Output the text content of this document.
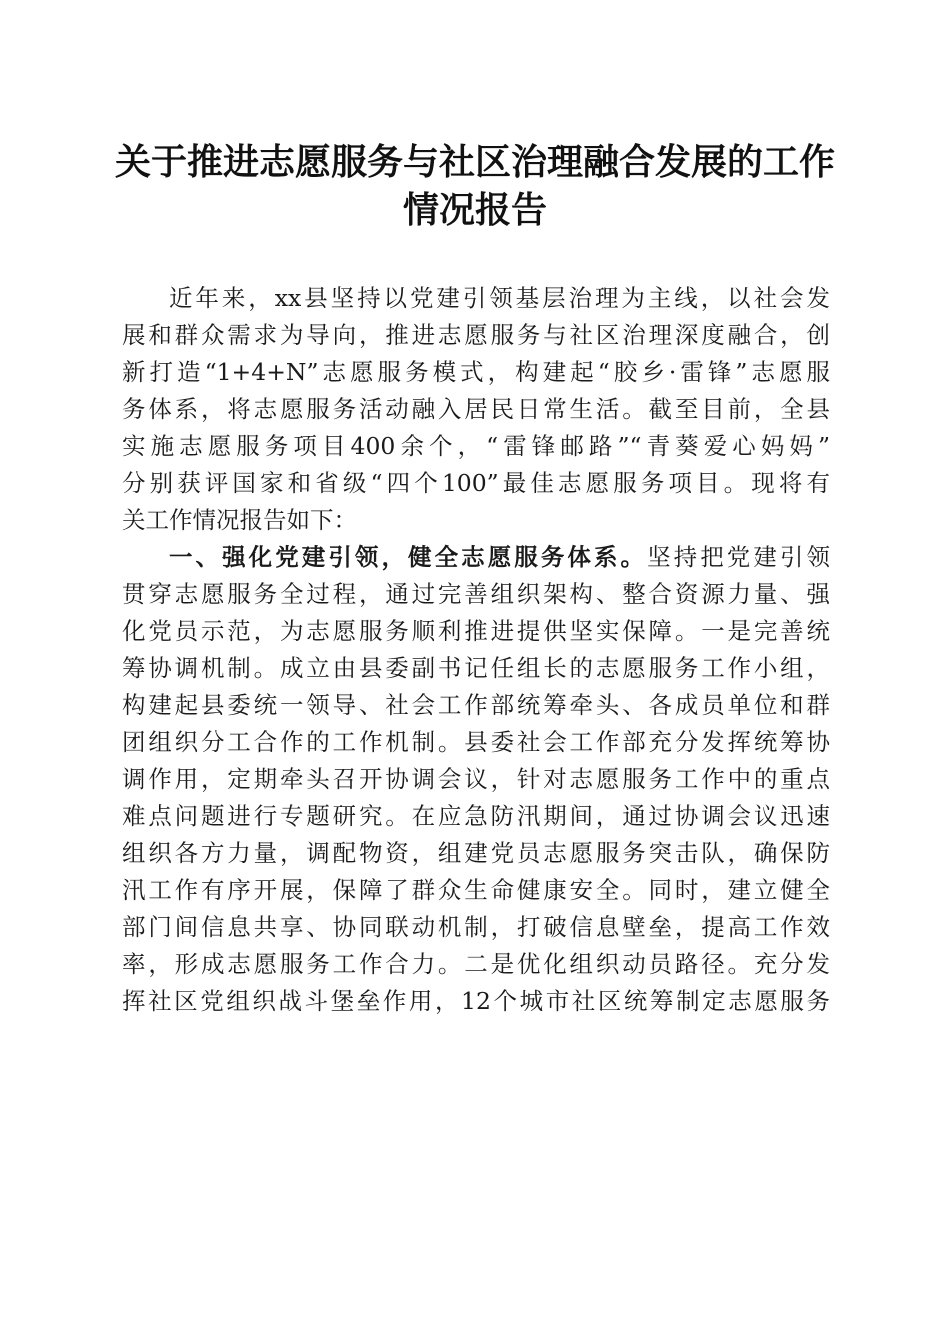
关于推进志愿服务与社区治理融合发展的工作
情况报告
近年来，xx县坚持以党建引领基层治理为主线，以社会发
展和群众需求为导向，推进志愿服务与社区治理深度融合，创
新打造“1+4+N”志愿服务模式，构建起“胶乡·雷锋”志愿服
务体系，将志愿服务活动融入居民日常生活。截至目前，全县
实施志愿服务项目400余个，“雷锋邮路”“青葵爱心妈妈”
分别获评国家和省级“四个100”最佳志愿服务项目。现将有
关工作情况报告如下：
一、强化党建引领，健全志愿服务体系。坚持把党建引领
贯穿志愿服务全过程，通过完善组织架构、整合资源力量、强
化党员示范，为志愿服务顺利推进提供坚实保障。一是完善统
筹协调机制。成立由县委副书记任组长的志愿服务工作小组，
构建起县委统一领导、社会工作部统筹牵头、各成员单位和群
团组织分工合作的工作机制。县委社会工作部充分发挥统筹协
调作用，定期牵头召开协调会议，针对志愿服务工作中的重点
难点问题进行专题研究。在应急防汛期间，通过协调会议迅速
组织各方力量，调配物资，组建党员志愿服务突击队，确保防
汛工作有序开展，保障了群众生命健康安全。同时，建立健全
部门间信息共享、协同联动机制，打破信息壁垒，提高工作效
率，形成志愿服务工作合力。二是优化组织动员路径。充分发
挥社区党组织战斗堡垒作用，12个城市社区统筹制定志愿服务
